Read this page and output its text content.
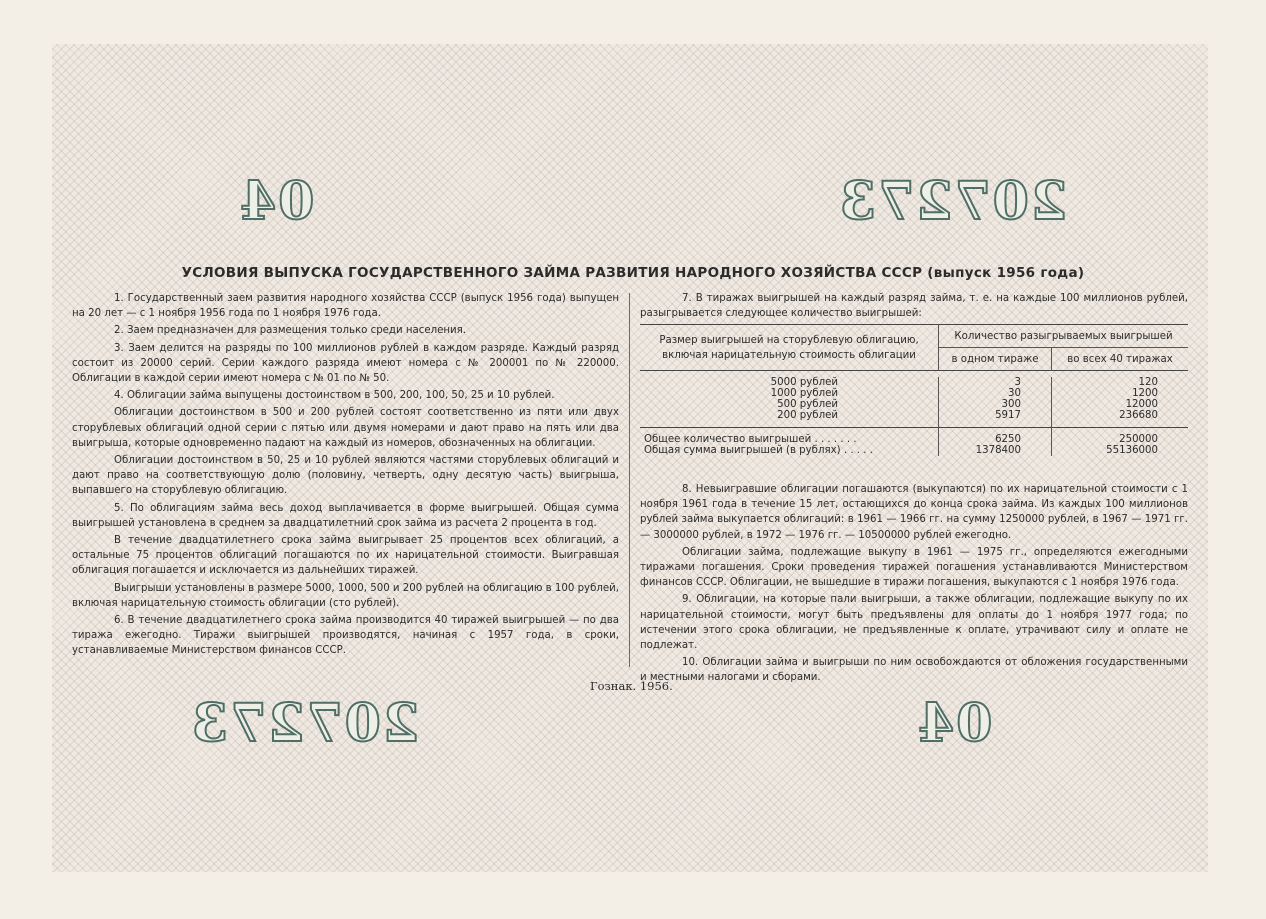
04	207273
207273	04
УСЛОВИЯ ВЫПУСКА ГОСУДАРСТВЕННОГО ЗАЙМА РАЗВИТИЯ НАРОДНОГО ХОЗЯЙСТВА СССР (выпуск 1956 года)

1. Государственный заем развития народного хозяйства СССР (выпуск 1956 года) выпущен на 20 лет — с 1 ноября 1956 года по 1 ноября 1976 года.

2. Заем предназначен для размещения только среди населения.

3. Заем делится на разряды по 100 миллионов рублей в каждом разряде. Каждый разряд состоит из 20000 серий. Серии каждого разряда имеют номера с № 200001 по № 220000. Облигации в каждой серии имеют номера с № 01 по № 50.

4. Облигации займа выпущены достоинством в 500, 200, 100, 50, 25 и 10 рублей.

Облигации достоинством в 500 и 200 рублей состоят соответственно из пяти или двух сторублевых облигаций одной серии с пятью или двумя номерами и дают право на пять или два выигрыша, которые одновременно падают на каждый из номеров, обозначенных на облигации.

Облигации достоинством в 50, 25 и 10 рублей являются частями сторублевых облигаций и дают право на соответствующую долю (половину, четверть, одну десятую часть) выигрыша, выпавшего на сторублевую облигацию.

5. По облигациям займа весь доход выплачивается в форме выигрышей. Общая сумма выигрышей установлена в среднем за двадцатилетний срок займа из расчета 2 процента в год.

В течение двадцатилетнего срока займа выигрывает 25 процентов всех облигаций, а остальные 75 процентов облигаций погашаются по их нарицательной стоимости. Выигравшая облигация погашается и исключается из дальнейших тиражей.

Выигрыши установлены в размере 5000, 1000, 500 и 200 рублей на облигацию в 100 рублей, включая нарицательную стоимость облигации (сто рублей).

6. В течение двадцатилетнего срока займа производится 40 тиражей выигрышей — по два тиража ежегодно. Тиражи выигрышей производятся, начиная с 1957 года, в сроки, устанавливаемые Министерством финансов СССР.

7. В тиражах выигрышей на каждый разряд займа, т. е. на каждые 100 миллионов рублей, разыгрывается следующее количество выигрышей:

Размер выигрышей на сторублевую облигацию, включая нарицательную стоимость облигации	Количество разыгрываемых выигрышей	
	в одном тираже	во всех 40 тиражах

5000 рублей	3	120
1000 рублей	30	1200
500 рублей	300	12000
200 рублей	5917	236680

Общее количество выигрышей . . . . . . .	6250	250000
Общая сумма выигрышей (в рублях) . . . . .	1378400	55136000

8. Невыигравшие облигации погашаются (выкупаются) по их нарицательной стоимости с 1 ноября 1961 года в течение 15 лет, остающихся до конца срока займа. Из каждых 100 миллионов рублей займа выкупается облигаций: в 1961 — 1966 гг. на сумму 1250000 рублей, в 1967 — 1971 гг. — 3000000 рублей, в 1972 — 1976 гг. — 10500000 рублей ежегодно.

Облигации займа, подлежащие выкупу в 1961 — 1975 гг., определяются ежегодными тиражами погашения. Сроки проведения тиражей погашения устанавливаются Министерством финансов СССР. Облигации, не вышедшие в тиражи погашения, выкупаются с 1 ноября 1976 года.

9. Облигации, на которые пали выигрыши, а также облигации, подлежащие выкупу по их нарицательной стоимости, могут быть предъявлены для оплаты до 1 ноября 1977 года; по истечении этого срока облигации, не предъявленные к оплате, утрачивают силу и оплате не подлежат.

10. Облигации займа и выигрыши по ним освобождаются от обложения государственными и местными налогами и сборами.

Гознак. 1956.
